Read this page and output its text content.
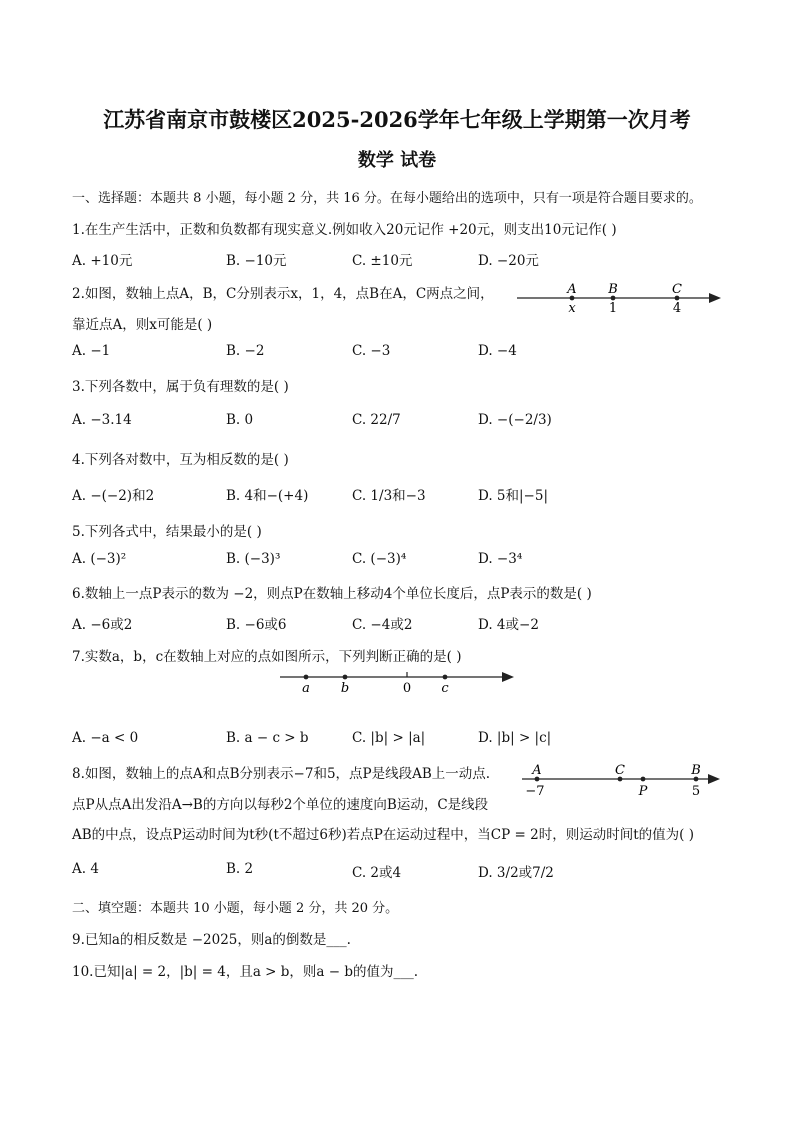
江苏省南京市鼓楼区2025-2026学年七年级上学期第一次月考
数学 试卷
一、选择题：本题共 8 小题，每小题 2 分，共 16 分。在每小题给出的选项中，只有一项是符合题目要求的。
1.在生产生活中，正数和负数都有现实意义.例如收入20元记作 +20元，则支出10元记作( )
A. +10元	B. −10元	C. ±10元	D. −20元
2.如图，数轴上点A，B，C分别表示x，1，4，点B在A，C两点之间，
靠近点A，则x可能是( )
A B	C
x	1	4
A. −1	B. −2	C. −3	D. −4
3.下列各数中，属于负有理数的是( )
A. −3.14	B. 0	C. 22/7	D. −(−2/3)
4.下列各对数中，互为相反数的是( )
A. −(−2)和2	B. 4和−(+4)	C. 1/3和−3	D. 5和|−5|
5.下列各式中，结果最小的是( )
A. (−3)²	B. (−3)³	C. (−3)⁴	D. −3⁴
6.数轴上一点P表示的数为 −2，则点P在数轴上移动4个单位长度后，点P表示的数是( )
A. −6或2	B. −6或6	C. −4或2	D. 4或−2
7.实数a，b，c在数轴上对应的点如图所示，下列判断正确的是( )
a b	0 c
A. −a < 0	B. a − c > b	C. |b| > |a|	D. |b| > |c|
8.如图，数轴上的点A和点B分别表示−7和5，点P是线段AB上一动点.
点P从点A出发沿A→B的方向以每秒2个单位的速度向B运动，C是线段
AB的中点，设点P运动时间为t秒(t不超过6秒)若点P在运动过程中，当CP = 2时，则运动时间t的值为( )
A	C	B
−7	P	5
A. 4	B. 2	C. 2或4	D. 3/2或7/2
二、填空题：本题共 10 小题，每小题 2 分，共 20 分。
9.已知a的相反数是 −2025，则a的倒数是___.
10.已知|a| = 2，|b| = 4，且a > b，则a − b的值为___.
